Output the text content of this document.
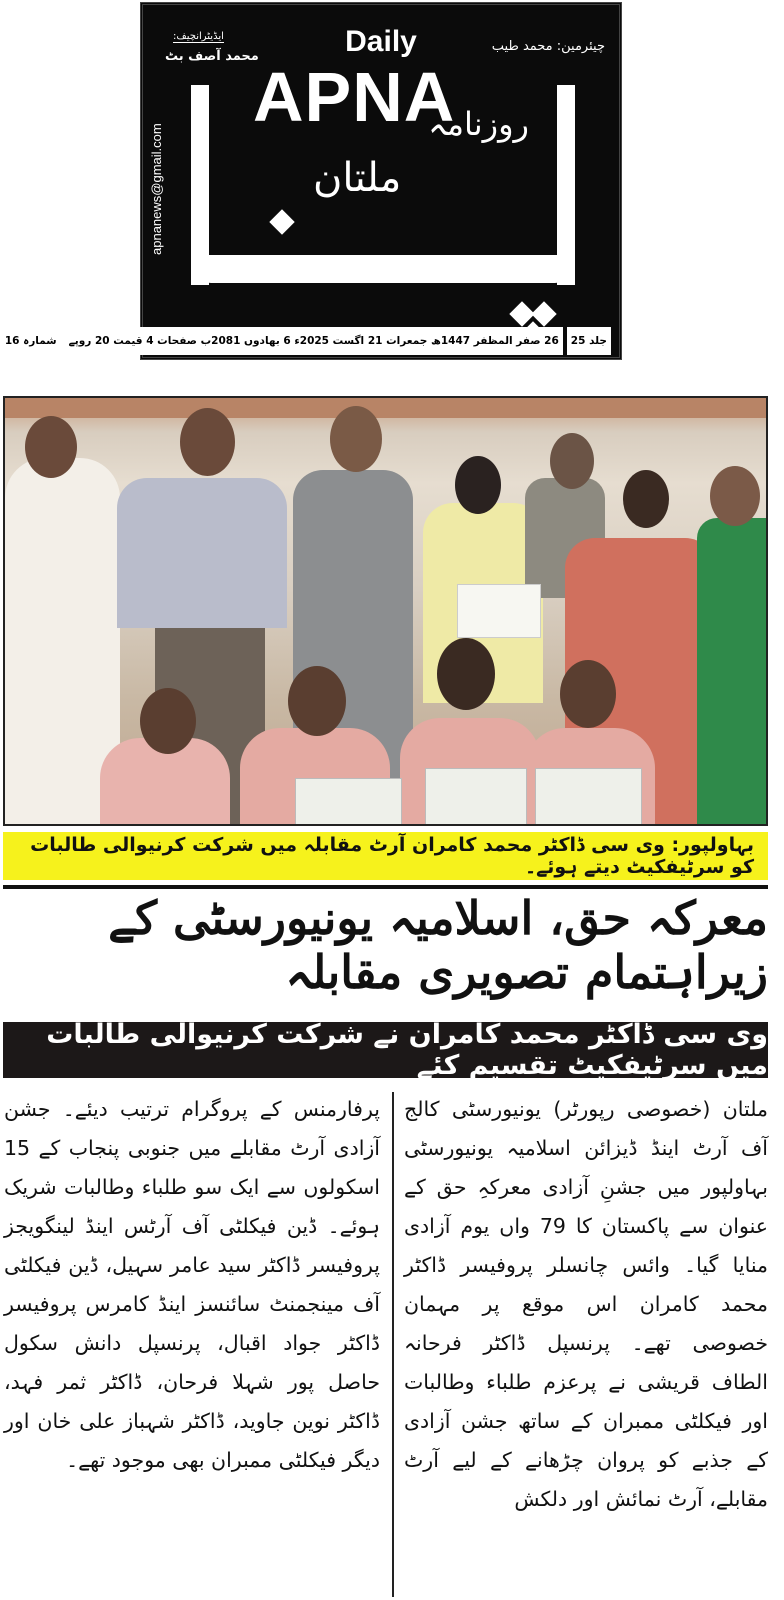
Daily
APNA
چیئرمین: محمد طیب
ایڈیٹرانچیف:
محمد آصف بٹ
apnanews@gmail.com	روزنامہ
ملتان
E-Media Group
جلد 25
26 صفر المظفر 1447ھ جمعرات 21 اگست 2025ء 6 بھادوں 2081ب صفحات 4 قیمت 20 روپے
شمارہ 16
بہاولپور: وی سی ڈاکٹر محمد کامران آرٹ مقابلہ میں شرکت کرنیوالی طالبات کو سرٹیفکیٹ دیتے ہوئے۔
معرکہ حق، اسلامیہ یونیورسٹی کے زیراہتمام تصویری مقابلہ
وی سی ڈاکٹر محمد کامران نے شرکت کرنیوالی طالبات میں سرٹیفکیٹ تقسیم کئے
ملتان (خصوصی رپورٹر) یونیورسٹی کالج آف آرٹ اینڈ ڈیزائن اسلامیہ یونیورسٹی بہاولپور میں جشنِ آزادی معرکہِ حق کے عنوان سے پاکستان کا 79 واں یوم آزادی منایا گیا۔ وائس چانسلر پروفیسر ڈاکٹر محمد کامران اس موقع پر مہمان خصوصی تھے۔ پرنسپل ڈاکٹر فرحانہ الطاف قریشی نے پرعزم طلباء وطالبات اور فیکلٹی ممبران کے ساتھ جشن آزادی کے جذبے کو پروان چڑھانے کے لیے آرٹ مقابلے، آرٹ نمائش اور دلکش
پرفارمنس کے پروگرام ترتیب دیئے۔ جشن آزادی آرٹ مقابلے میں جنوبی پنجاب کے 15 اسکولوں سے ایک سو طلباء وطالبات شریک ہوئے۔ ڈین فیکلٹی آف آرٹس اینڈ لینگویجز پروفیسر ڈاکٹر سید عامر سہیل، ڈین فیکلٹی آف مینجمنٹ سائنسز اینڈ کامرس پروفیسر ڈاکٹر جواد اقبال، پرنسپل دانش سکول حاصل پور شہلا فرحان، ڈاکٹر ثمر فہد، ڈاکٹر نوین جاوید، ڈاکٹر شہباز علی خان اور دیگر فیکلٹی ممبران بھی موجود تھے۔
